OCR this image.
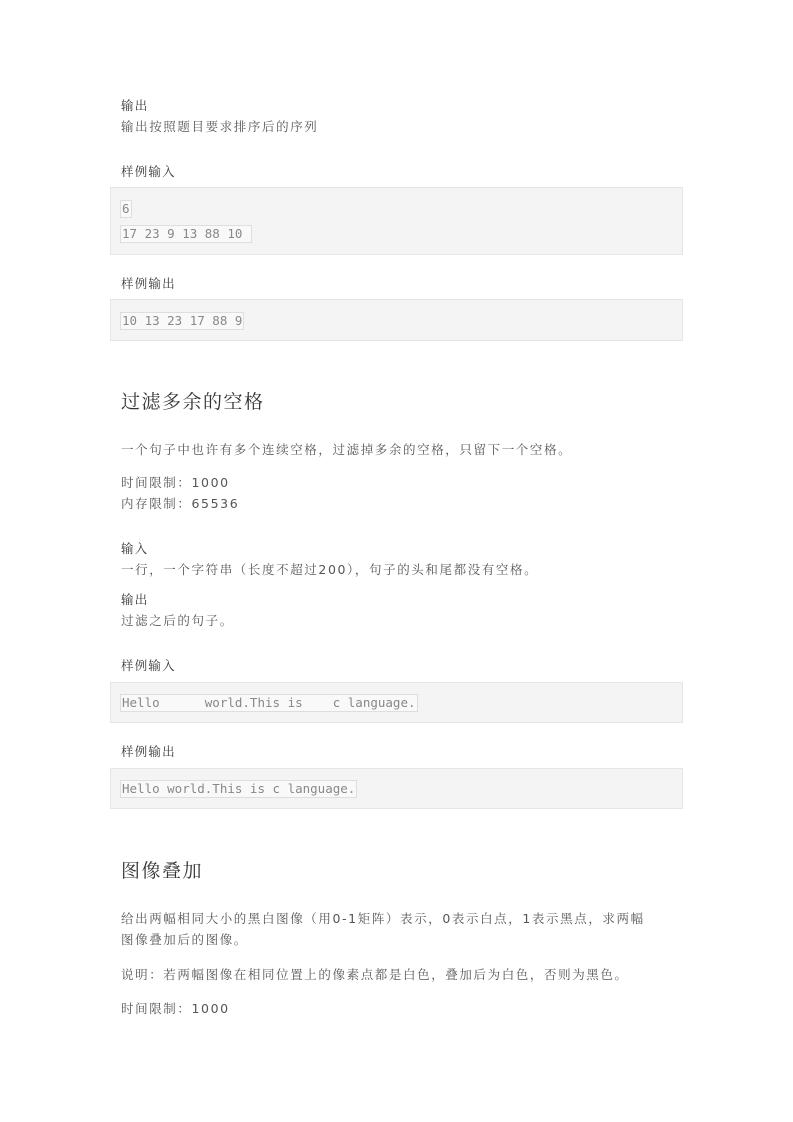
输出
输出按照题目要求排序后的序列
样例输入
6
17 23 9 13 88 10
样例输出
10 13 23 17 88 9
过滤多余的空格
一个句子中也许有多个连续空格，过滤掉多余的空格，只留下一个空格。
时间限制：1000
内存限制：65536
输入
一行，一个字符串（长度不超过200），句子的头和尾都没有空格。
输出
过滤之后的句子。
样例输入
Hello      world.This is    c language.
样例输出
Hello world.This is c language.
图像叠加
给出两幅相同大小的黑白图像（用0-1矩阵）表示，0表示白点，1表示黑点，求两幅
图像叠加后的图像。
说明：若两幅图像在相同位置上的像素点都是白色，叠加后为白色，否则为黑色。
时间限制：1000
